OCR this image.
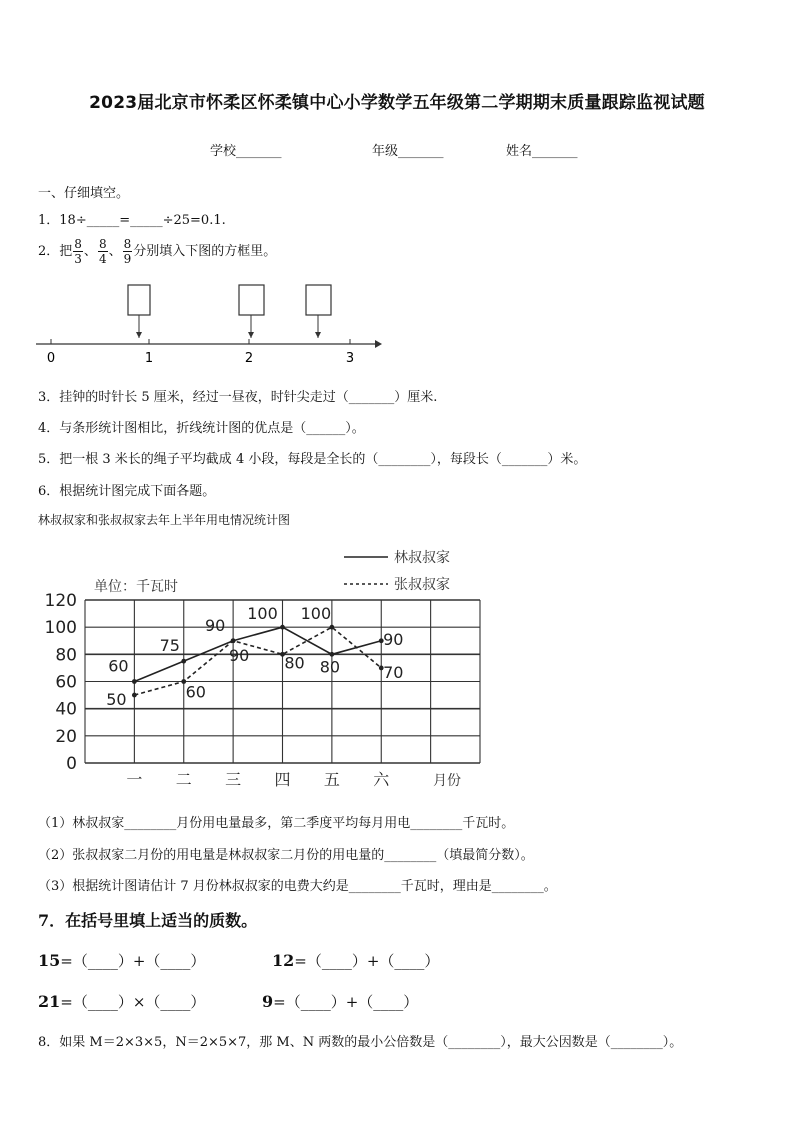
2023届北京市怀柔区怀柔镇中心小学数学五年级第二学期期末质量跟踪监视试题
学校_______	年级_______	姓名_______
一、仔细填空。
1．18÷_____=_____÷25=0.1.
2．把 $\frac{8}{3}$ 、 $\frac{8}{4}$ 、 $\frac{8}{9}$ 分别填入下图的方框里。
0	1	2	3
3．挂钟的时针长 5 厘米，经过一昼夜，时针尖走过（_______）厘米.
4．与条形统计图相比，折线统计图的优点是（______）。
5．把一根 3 米长的绳子平均截成 4 小段，每段是全长的（________），每段长（_______）米。
6．根据统计图完成下面各题。
林叔叔家和张叔叔家去年上半年用电情况统计图
林叔叔家
张叔叔家
单位：千瓦时
月份
0
20
40
60
80
100
120
一 二 三 四 五 六
60
75
90
100
80
90
50	60
90 80
100
70
（1）林叔叔家________月份用电量最多，第二季度平均每月用电________千瓦时。
（2）张叔叔家二月份的用电量是林叔叔家二月份的用电量的________（填最简分数）。
（3）根据统计图请估计 7 月份林叔叔家的电费大约是________千瓦时，理由是________。
7．在括号里填上适当的质数。
15=（____）+（____）	12=（____）+（____）
21=（____）×（____）	9=（____）+（____）
8．如果 M＝2×3×5，N＝2×5×7，那 M、N 两数的最小公倍数是（________），最大公因数是（________）。
